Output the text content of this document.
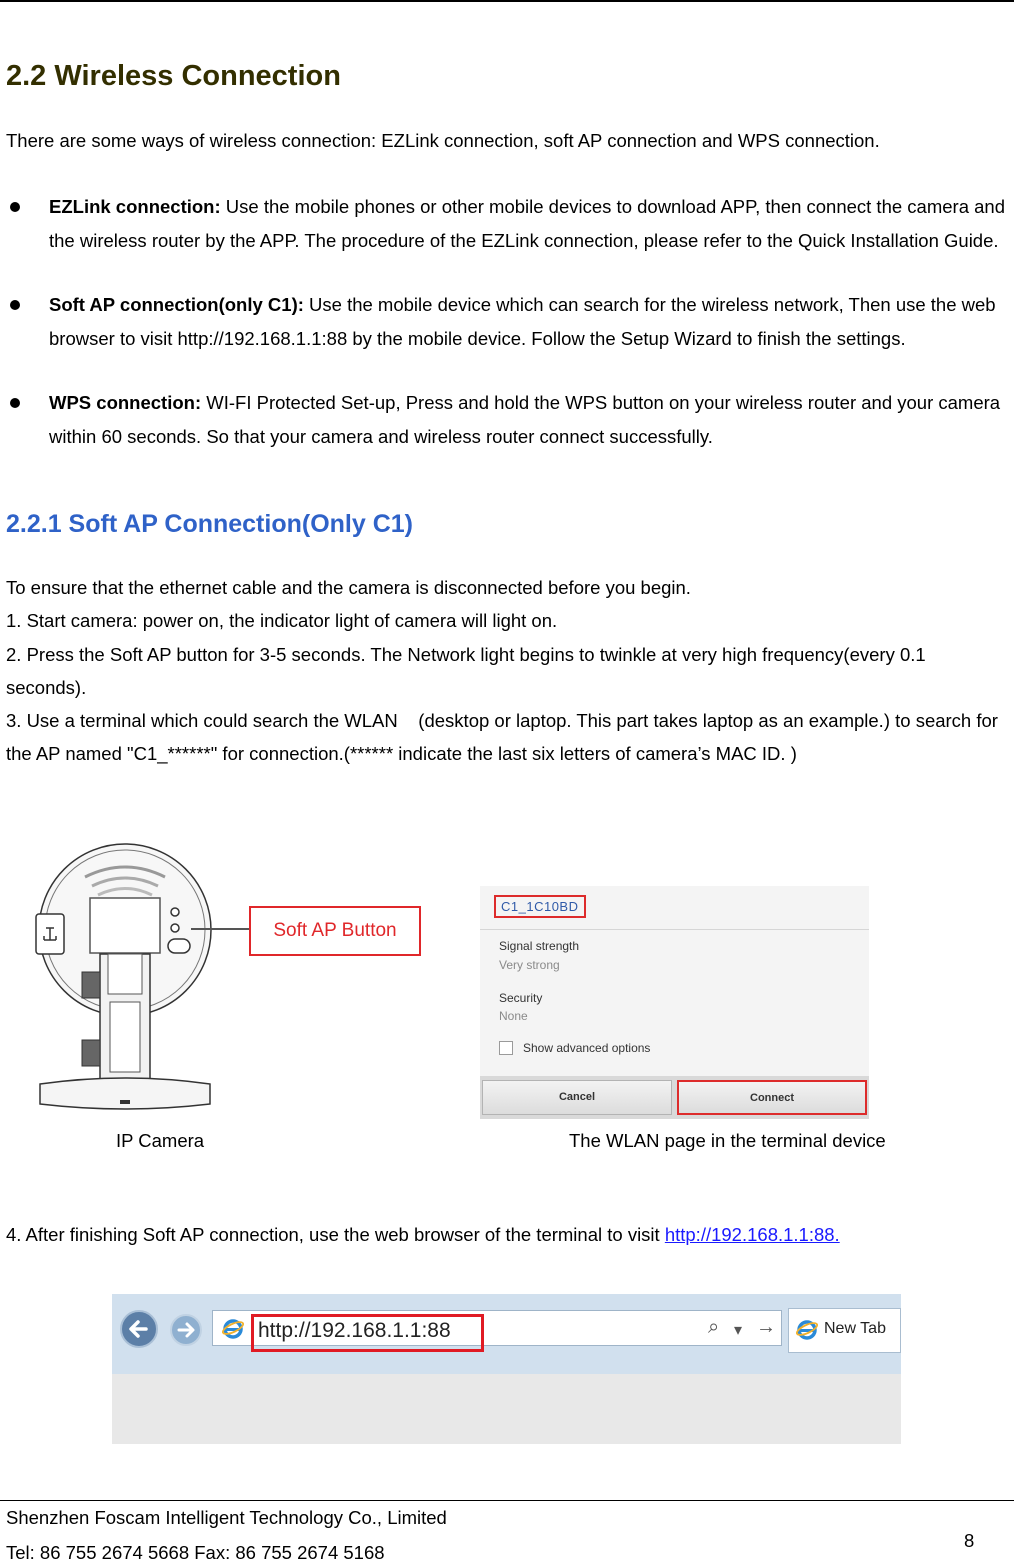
2.2 Wireless Connection
There are some ways of wireless connection: EZLink connection, soft AP connection and WPS connection.
EZLink connection: Use the mobile phones or other mobile devices to download APP, then connect the camera and the wireless router by the APP. The procedure of the EZLink connection, please refer to the Quick Installation Guide.
Soft AP connection(only C1): Use the mobile device which can search for the wireless network, Then use the web browser to visit http://192.168.1.1:88 by the mobile device. Follow the Setup Wizard to finish the settings.
WPS connection: WI-FI Protected Set-up, Press and hold the WPS button on your wireless router and your camera within 60 seconds. So that your camera and wireless router connect successfully.
2.2.1 Soft AP Connection(Only C1)
To ensure that the ethernet cable and the camera is disconnected before you begin.
1. Start camera: power on, the indicator light of camera will light on.
2. Press the Soft AP button for 3-5 seconds. The Network light begins to twinkle at very high frequency(every 0.1 seconds).
3. Use a terminal which could search the WLAN    (desktop or laptop. This part takes laptop as an example.) to search for the AP named "C1_******" for connection.(****** indicate the last six letters of camera’s MAC ID. )
Soft AP Button
C1_1C10BD
Signal strength
Very strong
Security
None
Show advanced options
Cancel	Connect
IP Camera	The WLAN page in the terminal device
4. After finishing Soft AP connection, use the web browser of the terminal to visit http://192.168.1.1:88.
http://192.168.1.1:88	⌕ ▾ →	New Tab
Shenzhen Foscam Intelligent Technology Co., Limited
Tel: 86 755 2674 5668 Fax: 86 755 2674 5168
8
